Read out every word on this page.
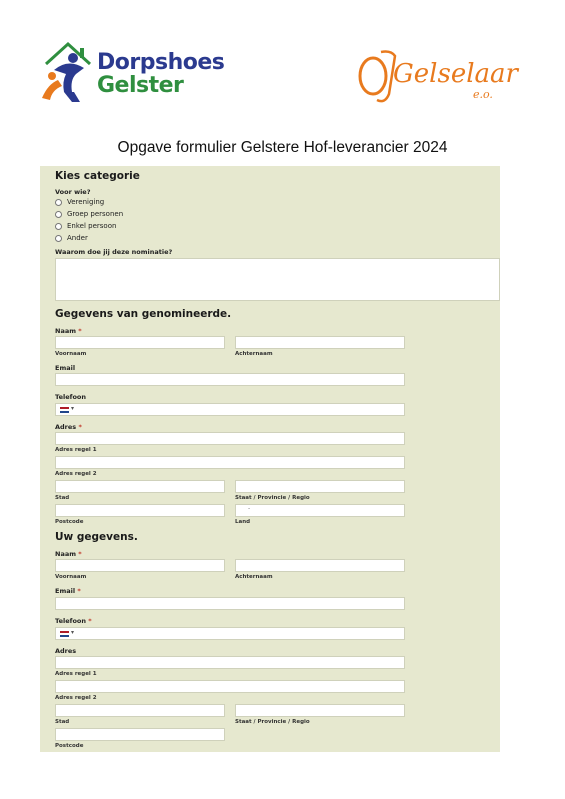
Dorpshoes
Gelster	Gelselaar
e.o.
Opgave formulier Gelstere Hof-leverancier 2024
Kies categorie
Voor wie?
Vereniging
Groep personen
Enkel persoon
Ander
Waarom doe jij deze nominatie?
Gegevens van genomineerde.
Naam *
Voornaam	Achternaam
Email
Telefoon
▾
Adres *
Adres regel 1
Adres regel 2
Stad	Staat / Provincie / Regio
-
Postcode	Land
Uw gegevens.
Naam *
Voornaam	Achternaam
Email *
Telefoon *
▾
Adres
Adres regel 1
Adres regel 2
Stad	Staat / Provincie / Regio
Postcode
